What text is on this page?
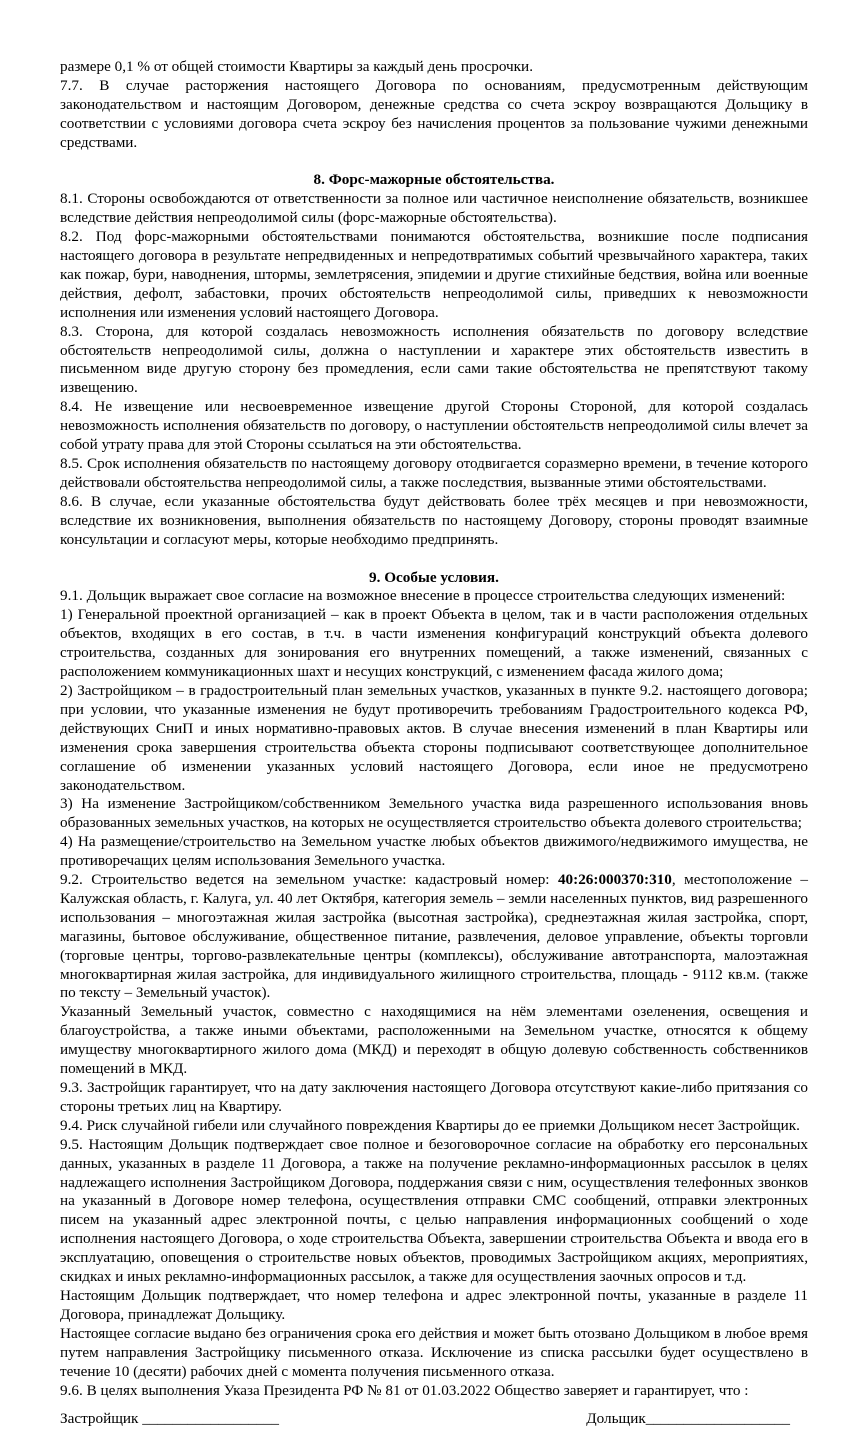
размере 0,1 % от общей стоимости Квартиры за каждый день просрочки.

7.7. В случае расторжения настоящего Договора по основаниям, предусмотренным действующим законодательством и настоящим Договором, денежные средства со счета эскроу возвращаются Дольщику в соответствии с условиями договора счета эскроу без начисления процентов за пользование чужими денежными средствами.

8. Форс-мажорные обстоятельства.

8.1. Стороны освобождаются от ответственности за полное или частичное неисполнение обязательств, возникшее вследствие действия непреодолимой силы (форс-мажорные обстоятельства).

8.2. Под форс-мажорными обстоятельствами понимаются обстоятельства, возникшие после подписания настоящего договора в результате непредвиденных и непредотвратимых событий чрезвычайного характера, таких как пожар, бури, наводнения, штормы, землетрясения, эпидемии и другие стихийные бедствия, война или военные действия, дефолт, забастовки, прочих обстоятельств непреодолимой силы, приведших к невозможности исполнения или изменения условий настоящего Договора.

8.3. Сторона, для которой создалась невозможность исполнения обязательств по договору вследствие обстоятельств непреодолимой силы, должна о наступлении и характере этих обстоятельств известить в письменном виде другую сторону без промедления, если сами такие обстоятельства не препятствуют такому извещению.

8.4. Не извещение или несвоевременное извещение другой Стороны Стороной, для которой создалась невозможность исполнения обязательств по договору, о наступлении обстоятельств непреодолимой силы влечет за собой утрату права для этой Стороны ссылаться на эти обстоятельства.

8.5. Срок исполнения обязательств по настоящему договору отодвигается соразмерно времени, в течение которого действовали обстоятельства непреодолимой силы, а также последствия, вызванные этими обстоятельствами.

8.6. В случае, если указанные обстоятельства будут действовать более трёх месяцев и при невозможности, вследствие их возникновения, выполнения обязательств по настоящему Договору, стороны проводят взаимные консультации и согласуют меры, которые необходимо предпринять.

9. Особые условия.

9.1. Дольщик выражает свое согласие на возможное внесение в процессе строительства следующих изменений:

1) Генеральной проектной организацией – как в проект Объекта в целом, так и в части расположения отдельных объектов, входящих в его состав, в т.ч. в части изменения конфигураций конструкций объекта долевого строительства, созданных для зонирования его внутренних помещений, а также изменений, связанных с расположением коммуникационных шахт и несущих конструкций, с изменением фасада жилого дома;

2) Застройщиком – в градостроительный план земельных участков, указанных в пункте 9.2. настоящего договора; при условии, что указанные изменения не будут противоречить требованиям Градостроительного кодекса РФ, действующих СниП и иных нормативно-правовых актов. В случае внесения изменений в план Квартиры или изменения срока завершения строительства объекта стороны подписывают соответствующее дополнительное соглашение об изменении указанных условий настоящего Договора, если иное не предусмотрено законодательством.

3) На изменение Застройщиком/собственником Земельного участка вида разрешенного использования вновь образованных земельных участков, на которых не осуществляется строительство объекта долевого строительства;

4) На размещение/строительство на Земельном участке любых объектов движимого/недвижимого имущества, не противоречащих целям использования Земельного участка.

9.2. Строительство ведется на земельном участке: кадастровый номер: 40:26:000370:310, местоположение – Калужская область, г. Калуга, ул. 40 лет Октября, категория земель – земли населенных пунктов, вид разрешенного использования – многоэтажная жилая застройка (высотная застройка), среднеэтажная жилая застройка, спорт, магазины, бытовое обслуживание, общественное питание, развлечения, деловое управление, объекты торговли (торговые центры, торгово-развлекательные центры (комплексы), обслуживание автотранспорта, малоэтажная многоквартирная жилая застройка, для индивидуального жилищного строительства, площадь - 9112 кв.м. (также по тексту – Земельный участок).

Указанный Земельный участок, совместно с находящимися на нём элементами озеленения, освещения и благоустройства, а также иными объектами, расположенными на Земельном участке, относятся к общему имуществу многоквартирного жилого дома (МКД) и переходят в общую долевую собственность собственников помещений в МКД.

9.3. Застройщик гарантирует, что на дату заключения настоящего Договора отсутствуют какие-либо притязания со стороны третьих лиц на Квартиру.

9.4. Риск случайной гибели или случайного повреждения Квартиры до ее приемки Дольщиком несет Застройщик.

9.5. Настоящим Дольщик подтверждает свое полное и безоговорочное согласие на обработку его персональных данных, указанных в разделе 11 Договора, а также на получение рекламно-информационных рассылок в целях надлежащего исполнения Застройщиком Договора, поддержания связи с ним, осуществления телефонных звонков на указанный в Договоре номер телефона, осуществления отправки СМС сообщений, отправки электронных писем на указанный адрес электронной почты, с целью направления информационных сообщений о ходе исполнения настоящего Договора, о ходе строительства Объекта, завершении строительства Объекта и ввода его в эксплуатацию, оповещения о строительстве новых объектов, проводимых Застройщиком акциях, мероприятиях, скидках и иных рекламно-информационных рассылок, а также для осуществления заочных опросов и т.д.

Настоящим Дольщик подтверждает, что номер телефона и адрес электронной почты, указанные в разделе 11 Договора, принадлежат Дольщику.

Настоящее согласие выдано без ограничения срока его действия и может быть отозвано Дольщиком в любое время путем направления Застройщику письменного отказа. Исключение из списка рассылки будет осуществлено в течение 10 (десяти) рабочих дней с момента получения письменного отказа.

9.6. В целях выполнения Указа Президента РФ № 81 от 01.03.2022 Общество заверяет и гарантирует, что :

Застройщик __________________	Дольщик___________________
